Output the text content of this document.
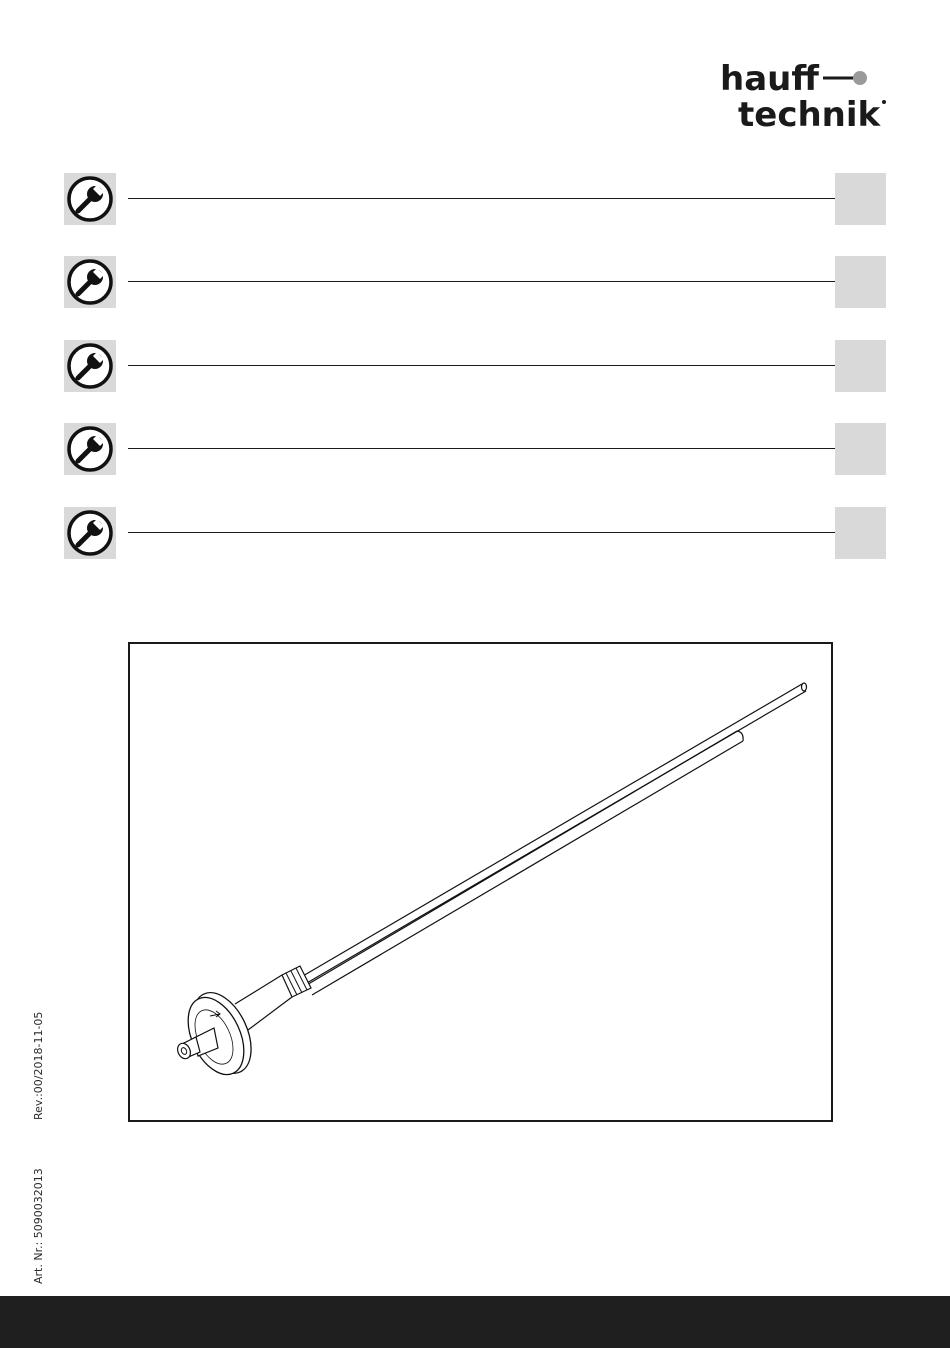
hauff
technik
Rev.:00/2018-11-05
Art. Nr.: 5090032013
